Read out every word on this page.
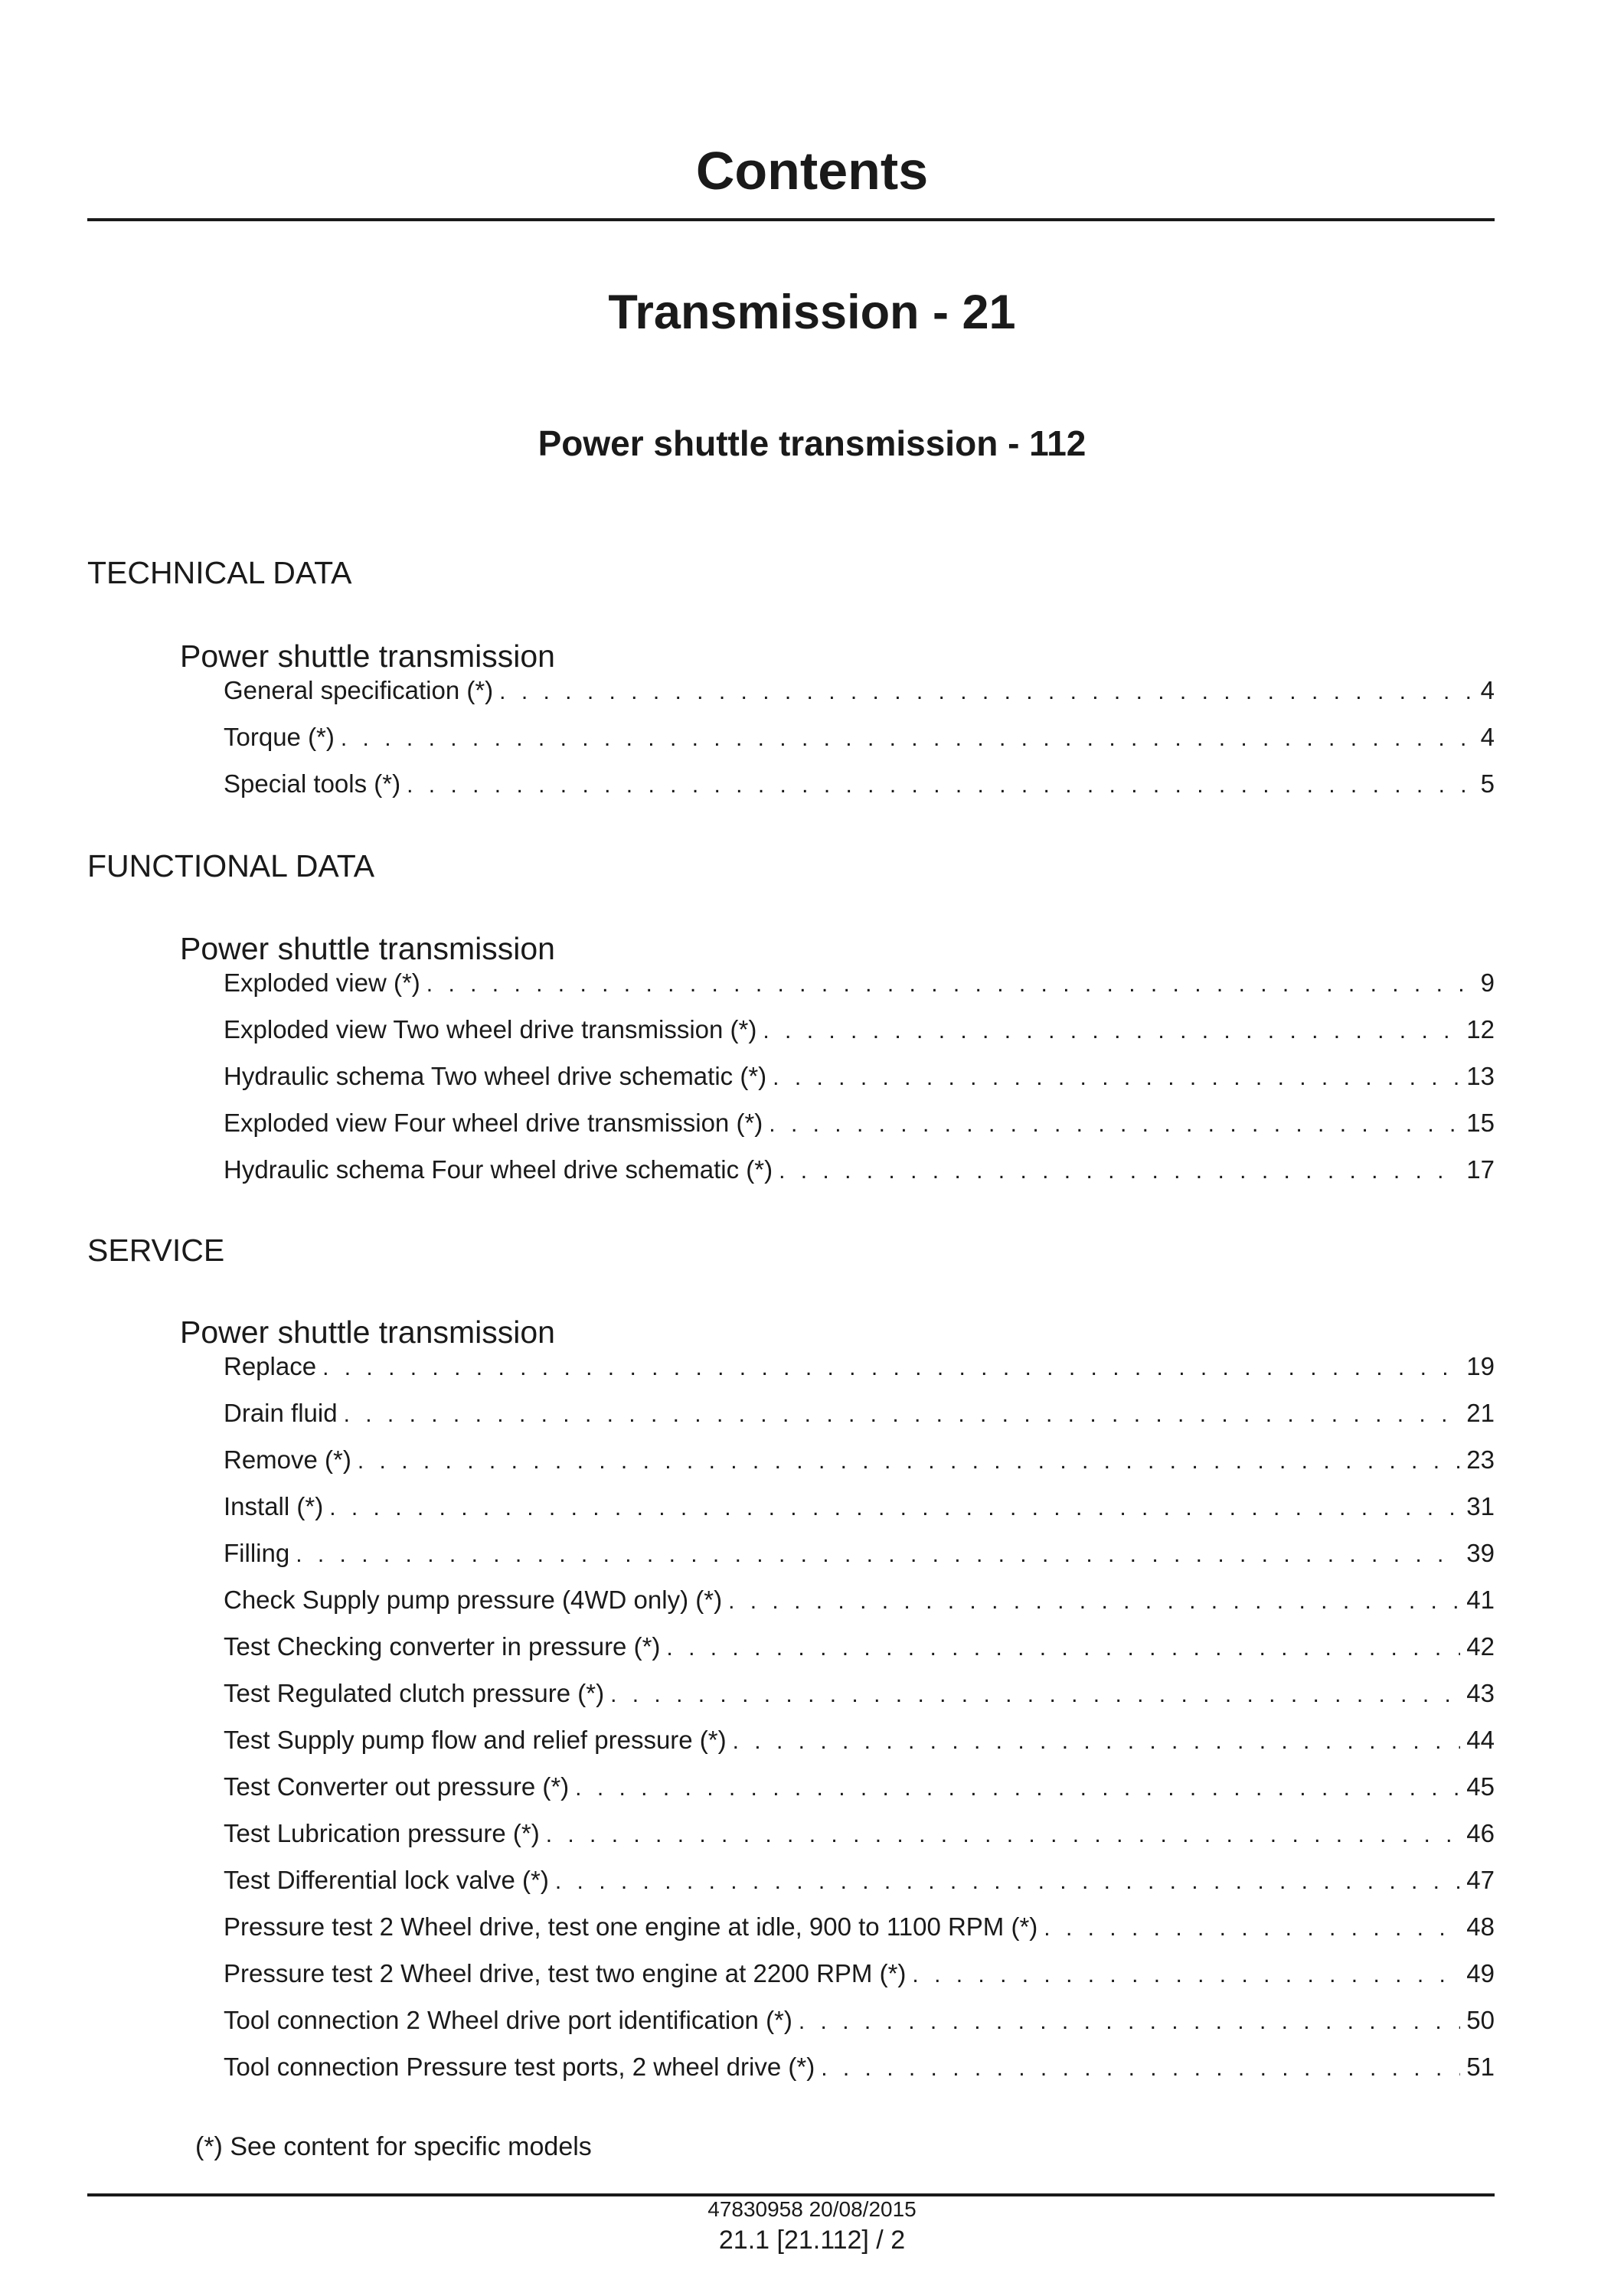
Contents
Transmission - 21
Power shuttle transmission - 112
TECHNICAL DATA
Power shuttle transmission
General specification (*) . . .	4
Torque (*) . . .	4
Special tools (*) . . .	5
FUNCTIONAL DATA
Power shuttle transmission
Exploded view (*) . . .	9
Exploded view Two wheel drive transmission (*) . . .	12
Hydraulic schema Two wheel drive schematic (*) . . .	13
Exploded view Four wheel drive transmission (*) . . .	15
Hydraulic schema Four wheel drive schematic (*) . . .	17
SERVICE
Power shuttle transmission
Replace . . .	19
Drain fluid . . .	21
Remove (*) . . .	23
Install (*) . . .	31
Filling . . .	39
Check Supply pump pressure (4WD only) (*) . . .	41
Test Checking converter in pressure (*) . . .	42
Test Regulated clutch pressure (*) . . .	43
Test Supply pump flow and relief pressure (*) . . .	44
Test Converter out pressure (*) . . .	45
Test Lubrication pressure (*) . . .	46
Test Differential lock valve (*) . . .	47
Pressure test 2 Wheel drive, test one engine at idle, 900 to 1100 RPM (*) . . .	48
Pressure test 2 Wheel drive, test two engine at 2200 RPM (*) . . .	49
Tool connection 2 Wheel drive port identification (*) . . .	50
Tool connection Pressure test ports, 2 wheel drive (*) . . .	51
(*) See content for specific models
47830958 20/08/2015
21.1 [21.112] / 2
